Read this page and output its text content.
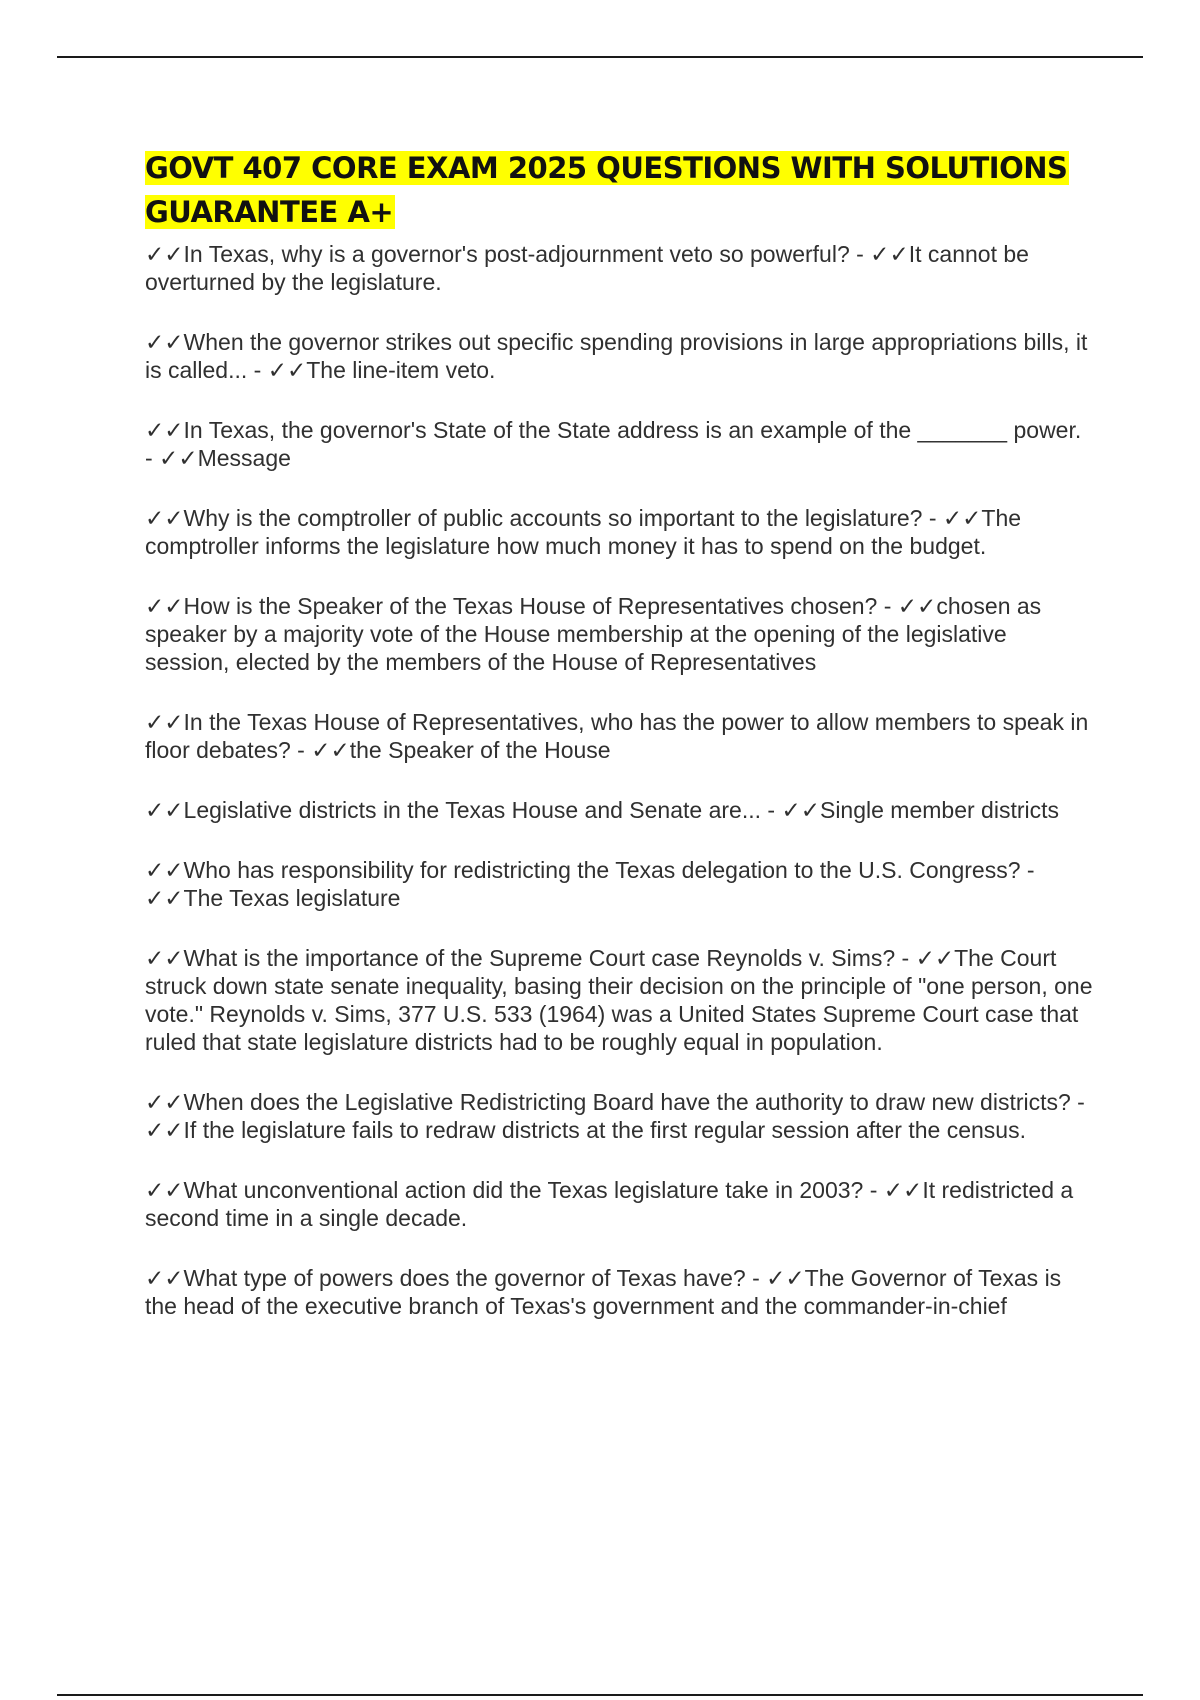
GOVT 407 CORE EXAM 2025 QUESTIONS WITH SOLUTIONS GUARANTEE A+
✓✓In Texas, why is a governor's post-adjournment veto so powerful? - ✓✓It cannot be overturned by the legislature.
✓✓When the governor strikes out specific spending provisions in large appropriations bills, it is called... - ✓✓The line-item veto.
✓✓In Texas, the governor's State of the State address is an example of the _______ power. - ✓✓Message
✓✓Why is the comptroller of public accounts so important to the legislature? - ✓✓The comptroller informs the legislature how much money it has to spend on the budget.
✓✓How is the Speaker of the Texas House of Representatives chosen? - ✓✓chosen as speaker by a majority vote of the House membership at the opening of the legislative session, elected by the members of the House of Representatives
✓✓In the Texas House of Representatives, who has the power to allow members to speak in floor debates? - ✓✓the Speaker of the House
✓✓Legislative districts in the Texas House and Senate are... - ✓✓Single member districts
✓✓Who has responsibility for redistricting the Texas delegation to the U.S. Congress? - ✓✓The Texas legislature
✓✓What is the importance of the Supreme Court case Reynolds v. Sims? - ✓✓The Court struck down state senate inequality, basing their decision on the principle of "one person, one vote." Reynolds v. Sims, 377 U.S. 533 (1964) was a United States Supreme Court case that ruled that state legislature districts had to be roughly equal in population.
✓✓When does the Legislative Redistricting Board have the authority to draw new districts? - ✓✓If the legislature fails to redraw districts at the first regular session after the census.
✓✓What unconventional action did the Texas legislature take in 2003? - ✓✓It redistricted a second time in a single decade.
✓✓What type of powers does the governor of Texas have? - ✓✓The Governor of Texas is the head of the executive branch of Texas's government and the commander-in-chief
